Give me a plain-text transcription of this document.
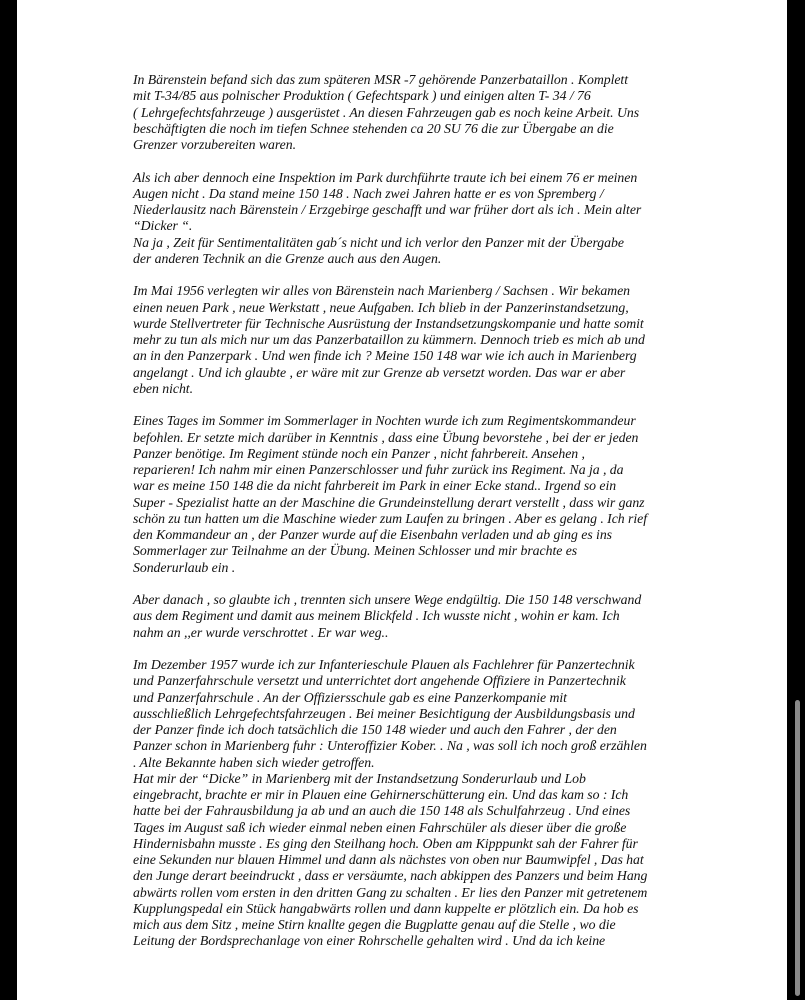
In Bärenstein befand sich das zum späteren MSR -7 gehörende Panzerbataillon . Komplett
mit T-34/85 aus polnischer Produktion ( Gefechtspark ) und einigen alten T- 34 / 76
( Lehrgefechtsfahrzeuge ) ausgerüstet . An diesen Fahrzeugen gab es noch keine Arbeit. Uns
beschäftigten die noch im tiefen Schnee stehenden ca 20 SU 76 die zur Übergabe an die
Grenzer vorzubereiten waren.

Als ich aber dennoch eine Inspektion im Park durchführte traute ich bei einem 76 er meinen
Augen nicht . Da stand meine 150 148 . Nach zwei Jahren hatte er es von Spremberg /
Niederlausitz nach Bärenstein / Erzgebirge geschafft und war früher dort als ich . Mein alter
“Dicker “.
Na ja , Zeit für Sentimentalitäten gab´s nicht und ich verlor den Panzer mit der Übergabe
der anderen Technik an die Grenze auch aus den Augen.

Im Mai 1956 verlegten wir alles von Bärenstein nach Marienberg / Sachsen . Wir bekamen
einen neuen Park , neue Werkstatt , neue Aufgaben. Ich blieb in der Panzerinstandsetzung,
wurde Stellvertreter für Technische Ausrüstung der Instandsetzungskompanie und hatte somit
mehr zu tun als mich nur um das Panzerbataillon zu kümmern. Dennoch trieb es mich ab und
an in den Panzerpark . Und wen finde ich ? Meine 150 148 war wie ich auch in Marienberg
angelangt . Und ich glaubte , er wäre mit zur Grenze ab versetzt worden. Das war er aber
eben nicht.

Eines Tages im Sommer im Sommerlager in Nochten wurde ich zum Regimentskommandeur
befohlen. Er setzte mich darüber in Kenntnis , dass eine Übung bevorstehe , bei der er jeden
Panzer benötige. Im Regiment stünde noch ein Panzer , nicht fahrbereit. Ansehen ,
reparieren! Ich nahm mir einen Panzerschlosser und fuhr zurück ins Regiment. Na ja , da
war es meine 150 148 die da nicht fahrbereit im Park in einer Ecke stand.. Irgend so ein
Super - Spezialist hatte an der Maschine die Grundeinstellung derart verstellt , dass wir ganz
schön zu tun hatten um die Maschine wieder zum Laufen zu bringen . Aber es gelang . Ich rief
den Kommandeur an , der Panzer wurde auf die Eisenbahn verladen und ab ging es ins
Sommerlager zur Teilnahme an der Übung. Meinen Schlosser und mir brachte es
Sonderurlaub ein .

Aber danach , so glaubte ich , trennten sich unsere Wege endgültig. Die 150 148 verschwand
aus dem Regiment und damit aus meinem Blickfeld . Ich wusste nicht , wohin er kam. Ich
nahm an ,,er wurde verschrottet . Er war weg..

Im Dezember 1957 wurde ich zur Infanterieschule Plauen als Fachlehrer für Panzertechnik
und Panzerfahrschule versetzt und unterrichtet dort angehende Offiziere in Panzertechnik
und Panzerfahrschule . An der Offiziersschule gab es eine Panzerkompanie mit
ausschließlich Lehrgefechtsfahrzeugen . Bei meiner Besichtigung der Ausbildungsbasis und
der Panzer finde ich doch tatsächlich die 150 148 wieder und auch den Fahrer , der den
Panzer schon in Marienberg fuhr : Unteroffizier Kober. . Na , was soll ich noch groß erzählen
. Alte Bekannte haben sich wieder getroffen.
Hat mir der “Dicke” in Marienberg mit der Instandsetzung Sonderurlaub und Lob
eingebracht, brachte er mir in Plauen eine Gehirnerschütterung ein. Und das kam so : Ich
hatte bei der Fahrausbildung ja ab und an auch die 150 148 als Schulfahrzeug . Und eines
Tages im August saß ich wieder einmal neben einen Fahrschüler als dieser über die große
Hindernisbahn musste . Es ging den Steilhang hoch. Oben am Kipppunkt sah der Fahrer für
eine Sekunden nur blauen Himmel und dann als nächstes von oben nur Baumwipfel , Das hat
den Junge derart beeindruckt , dass er versäumte, nach abkippen des Panzers und beim Hang
abwärts rollen vom ersten in den dritten Gang zu schalten . Er lies den Panzer mit getretenem
Kupplungspedal ein Stück hangabwärts rollen und dann kuppelte er plötzlich ein. Da hob es
mich aus dem Sitz , meine Stirn knallte gegen die Bugplatte genau auf die Stelle , wo die
Leitung der Bordsprechanlage von einer Rohrschelle gehalten wird . Und da ich keine
